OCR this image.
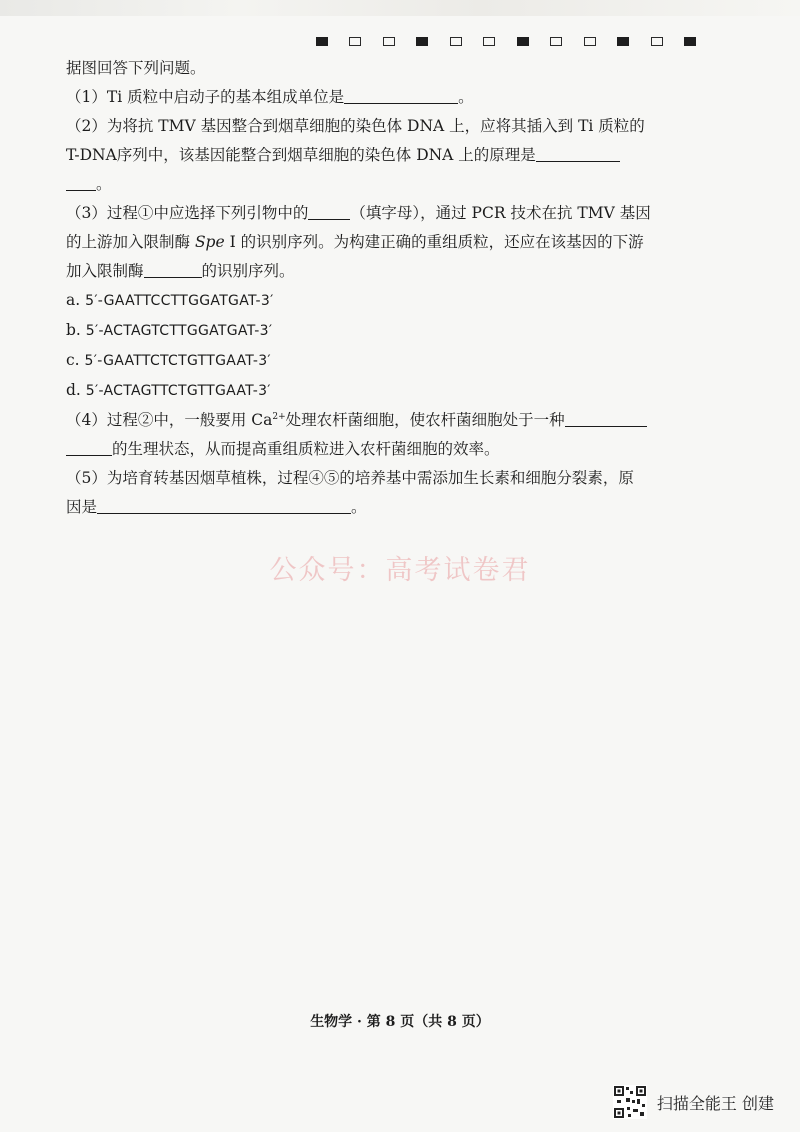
据图回答下列问题。

（1）Ti 质粒中启动子的基本组成单位是	。

（2）为将抗 TMV 基因整合到烟草细胞的染色体 DNA 上，应将其插入到 Ti 质粒的
T-DNA序列中，该基因能整合到烟草细胞的染色体 DNA 上的原理是
。

（3）过程①中应选择下列引物中的	（填字母），通过 PCR 技术在抗 TMV 基因
的上游加入限制酶 Spe Ⅰ 的识别序列。为构建正确的重组质粒，还应在该基因的下游
加入限制酶	的识别序列。

a. 5′-GAATTCCTTGGATGAT-3′

b. 5′-ACTAGTCTTGGATGAT-3′

c. 5′-GAATTCTCTGTTGAAT-3′

d. 5′-ACTAGTTCTGTTGAAT-3′

（4）过程②中，一般要用 $Ca^{2+}$处理农杆菌细胞，使农杆菌细胞处于一种
的生理状态，从而提高重组质粒进入农杆菌细胞的效率。

（5）为培育转基因烟草植株，过程④⑤的培养基中需添加生长素和细胞分裂素，原
因是	。

公众号：高考试卷君
生物学 · 第 8 页（共 8 页）
扫描全能王 创建
